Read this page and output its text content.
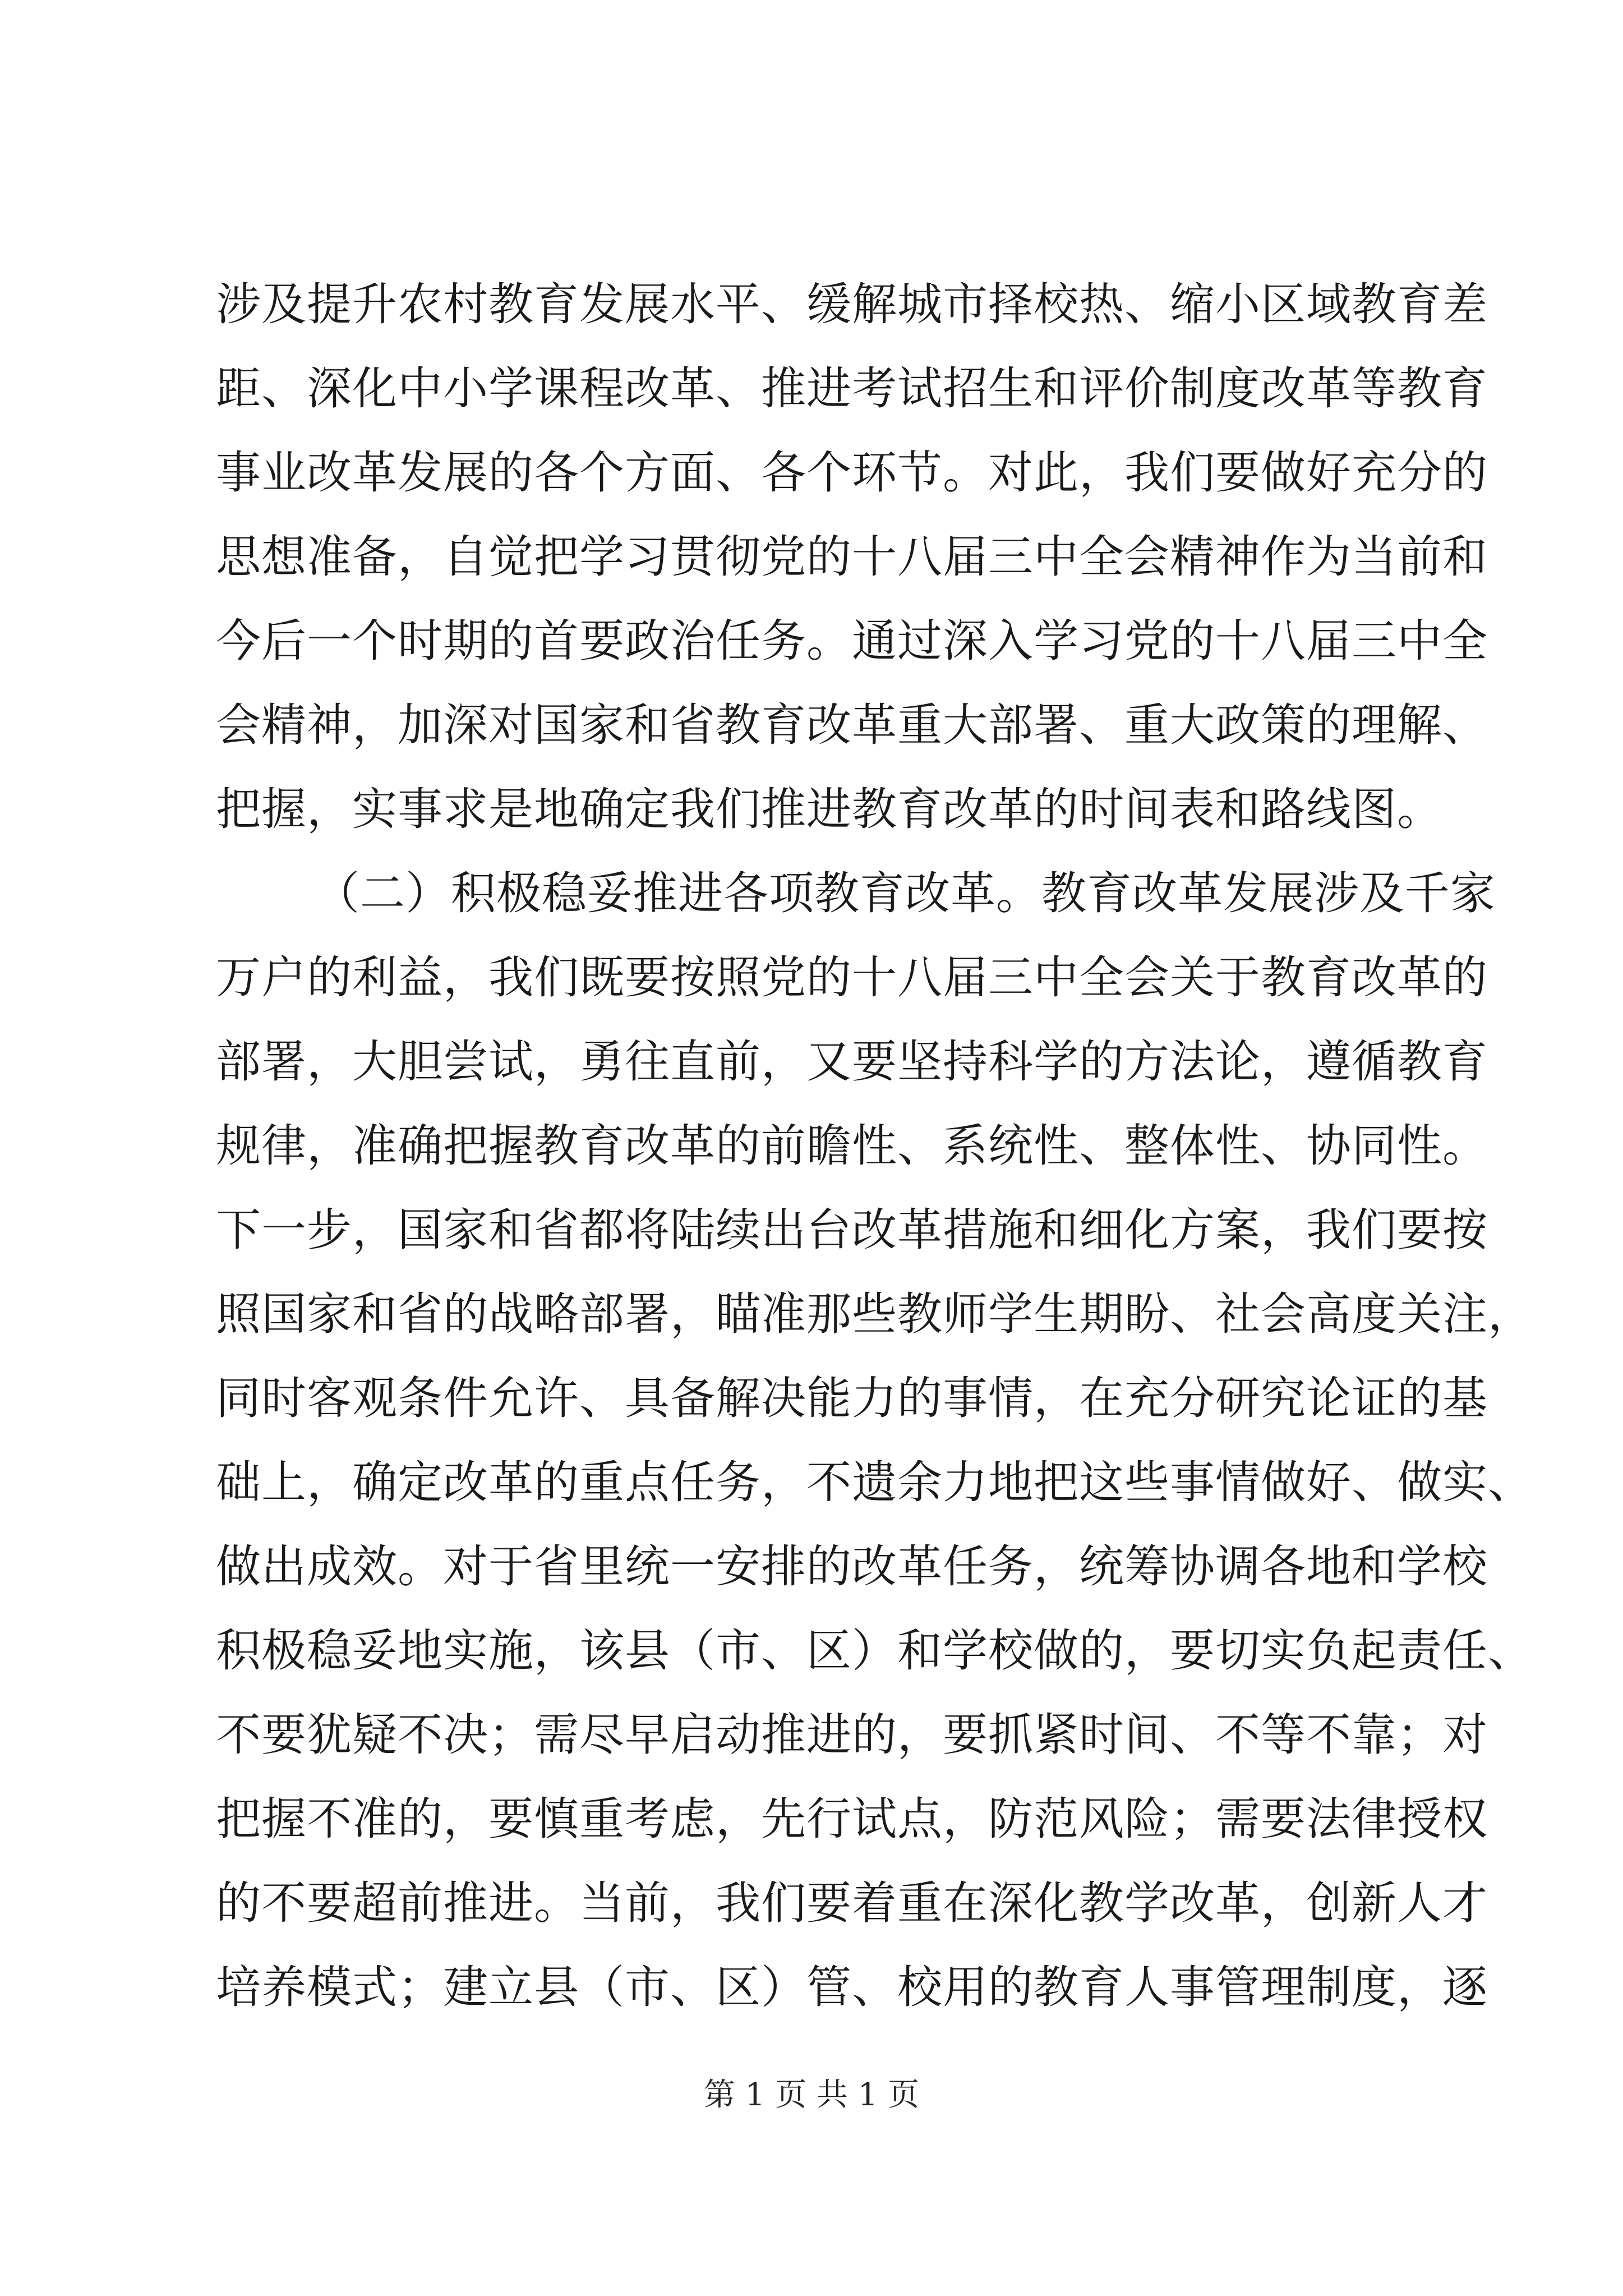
涉及提升农村教育发展水平、缓解城市择校热、缩小区域教育差
距、深化中小学课程改革、推进考试招生和评价制度改革等教育
事业改革发展的各个方面、各个环节。对此，我们要做好充分的
思想准备，自觉把学习贯彻党的十八届三中全会精神作为当前和
今后一个时期的首要政治任务。通过深入学习党的十八届三中全
会精神，加深对国家和省教育改革重大部署、重大政策的理解、
把握，实事求是地确定我们推进教育改革的时间表和路线图。
（二）积极稳妥推进各项教育改革。教育改革发展涉及千家
万户的利益，我们既要按照党的十八届三中全会关于教育改革的
部署，大胆尝试，勇往直前，又要坚持科学的方法论，遵循教育
规律，准确把握教育改革的前瞻性、系统性、整体性、协同性。
下一步，国家和省都将陆续出台改革措施和细化方案，我们要按
照国家和省的战略部署，瞄准那些教师学生期盼、社会高度关注，
同时客观条件允许、具备解决能力的事情，在充分研究论证的基
础上，确定改革的重点任务，不遗余力地把这些事情做好、做实、
做出成效。对于省里统一安排的改革任务，统筹协调各地和学校
积极稳妥地实施，该县（市、区）和学校做的，要切实负起责任、
不要犹疑不决；需尽早启动推进的，要抓紧时间、不等不靠；对
把握不准的，要慎重考虑，先行试点，防范风险；需要法律授权
的不要超前推进。当前，我们要着重在深化教学改革，创新人才
培养模式；建立县（市、区）管、校用的教育人事管理制度，逐
第 1 页 共 1 页
